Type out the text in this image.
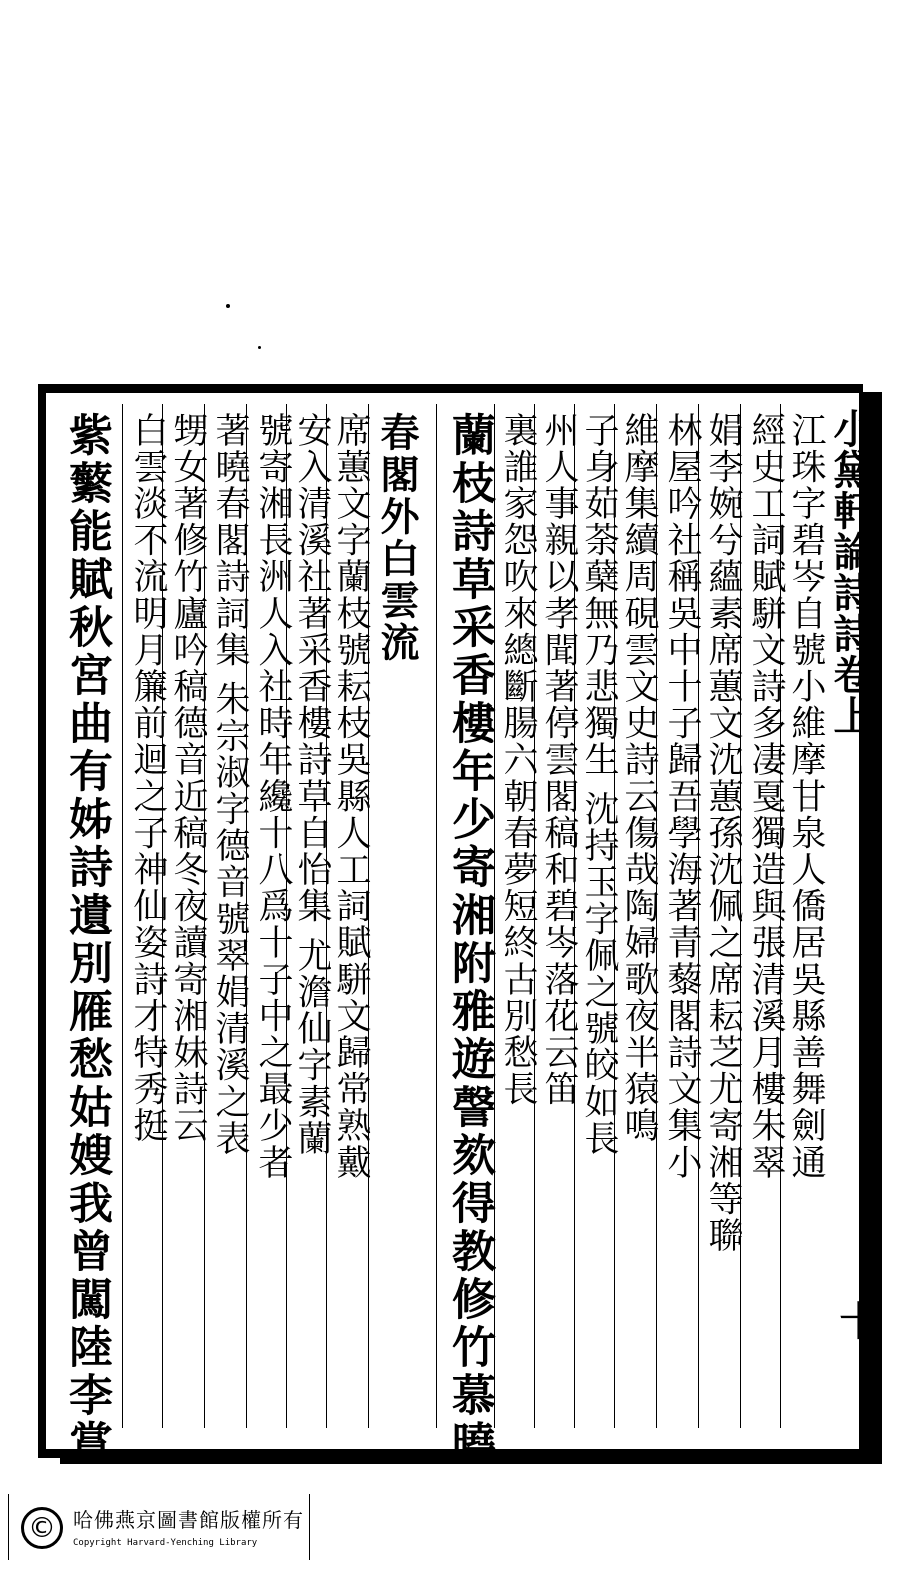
小黛軒論詩詩卷上
十
江珠字碧岑自號小維摩甘泉人僑居吳縣善舞劍通
經史工詞賦駢文詩多凄戛獨造與張清溪月樓朱翠
娟李婉兮蘊素席蕙文沈蕙孫沈佩之席耘芝尤寄湘等聯
林屋吟社稱吳中十子歸吾學海著青藜閣詩文集小
維摩集續周硯雲文史詩云傷哉陶婦歌夜半猿鳴
子身茹荼蘖無乃悲獨生 沈持玉字佩之號皎如長
州人事親以孝聞著停雲閣稿和碧岑落花云笛
裏誰家怨吹來總斷腸六朝春夢短終古別愁長
蘭枝詩草采香樓年少寄湘附雅遊謦欬得教修竹慕曉
春閣外白雲流
席蕙文字蘭枝號耘枝吳縣人工詞賦駢文歸常熟戴
安入清溪社著采香樓詩草自怡集 尤澹仙字素蘭
號寄湘長洲人入社時年纔十八爲十子中之最少者
著曉春閣詩詞集 朱宗淑字德音號翠娟清溪之表
甥女著修竹廬吟稿德音近稿冬夜讀寄湘妹詩云
白雲淡不流明月簾前迴之子神仙姿詩才特秀挺
紫蘩能賦秋宮曲有姊詩遺別雁愁姑嫂我曾闖陸李賞
© 哈佛燕京圖書館版權所有
Copyright Harvard-Yenching Library
